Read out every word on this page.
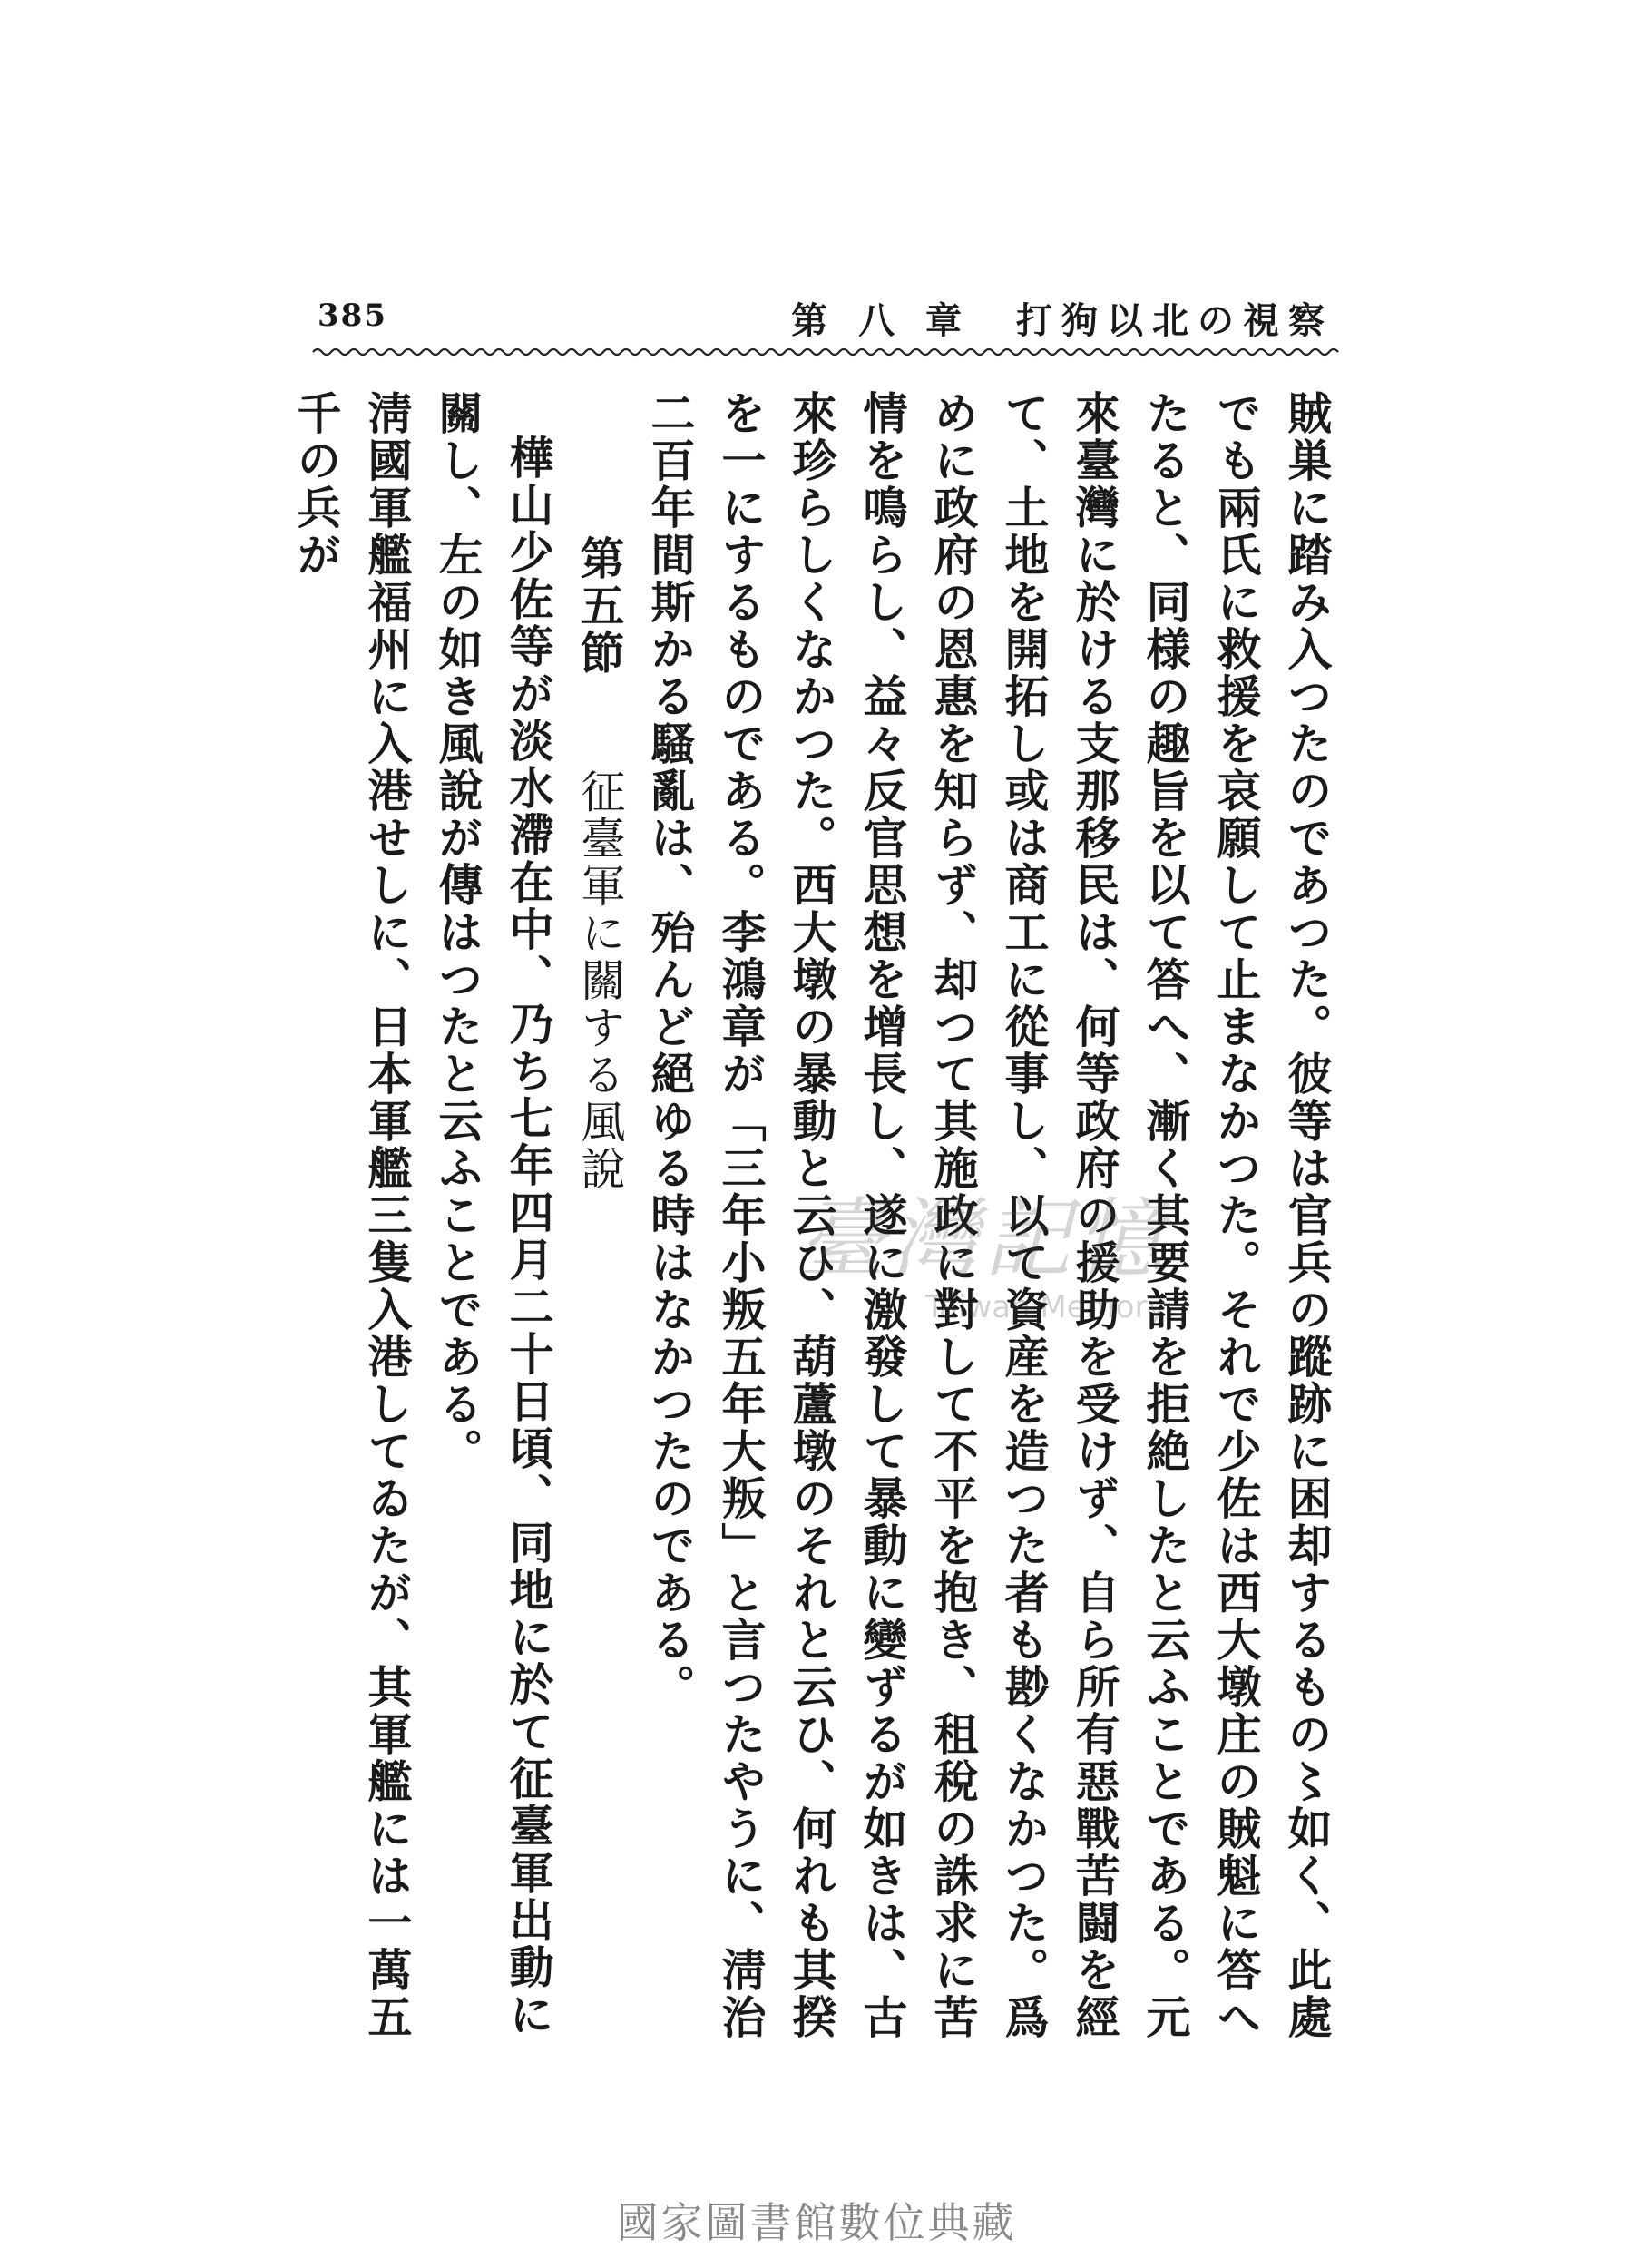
385	第 八 章　打狗以北の視察

賊巣に踏み入つたのであつた。彼等は官兵の蹤跡に困却するもの〻如く、此處でも兩氏に救援を哀願して止まなかつた。それで少佐は西大墩庄の賊魁に答へたると、同様の趣旨を以て答へ、漸く其要請を拒絶したと云ふことである。元來臺灣に於ける支那移民は、何等政府の援助を受けず、自ら所有惡戰苦闘を經て、土地を開拓し或は商工に從事し、以て資産を造つた者も尠くなかつた。爲めに政府の恩惠を知らず、却つて其施政に對して不平を抱き、租稅の誅求に苦情を鳴らし、益々反官思想を增長し、遂に激發して暴動に變ずるが如きは、古來珍らしくなかつた。西大墩の暴動と云ひ、葫蘆墩のそれと云ひ、何れも其揆を一にするものである。李鴻章が「三年小叛五年大叛」と言つたやうに、淸治二百年間斯かる騷亂は、殆んど絕ゆる時はなかつたのである。

第五節 征臺軍に關する風說

樺山少佐等が淡水滯在中、乃ち七年四月二十日頃、同地に於て征臺軍出動に關し、左の如き風說が傳はつたと云ふことである。

淸國軍艦福州に入港せしに、日本軍艦三隻入港してゐたが、其軍艦には一萬五千の兵が

臺灣記憶
Taiwan Memory
國家圖書館數位典藏
